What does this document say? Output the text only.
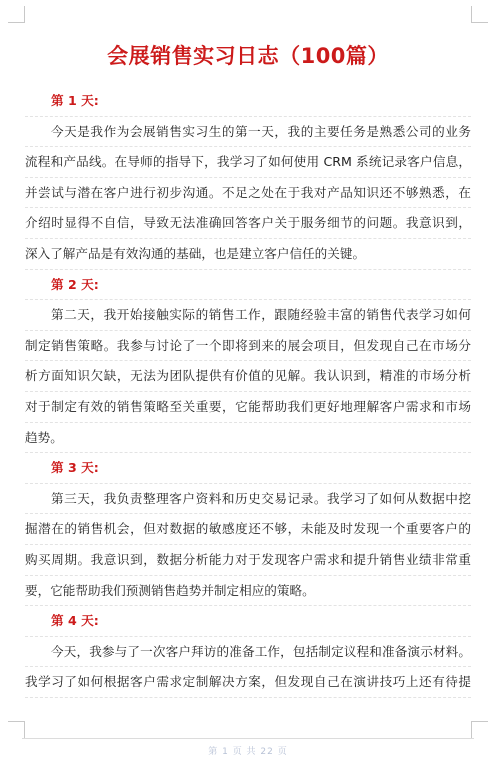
会展销售实习日志（100篇）
第 1 天:
今天是我作为会展销售实习生的第一天，我的主要任务是熟悉公司的业务
流程和产品线。在导师的指导下，我学习了如何使用 CRM 系统记录客户信息，
并尝试与潜在客户进行初步沟通。不足之处在于我对产品知识还不够熟悉，在
介绍时显得不自信，导致无法准确回答客户关于服务细节的问题。我意识到，
深入了解产品是有效沟通的基础，也是建立客户信任的关键。
第 2 天:
第二天，我开始接触实际的销售工作，跟随经验丰富的销售代表学习如何
制定销售策略。我参与讨论了一个即将到来的展会项目，但发现自己在市场分
析方面知识欠缺，无法为团队提供有价值的见解。我认识到，精准的市场分析
对于制定有效的销售策略至关重要，它能帮助我们更好地理解客户需求和市场
趋势。
第 3 天:
第三天，我负责整理客户资料和历史交易记录。我学习了如何从数据中挖
掘潜在的销售机会，但对数据的敏感度还不够，未能及时发现一个重要客户的
购买周期。我意识到，数据分析能力对于发现客户需求和提升销售业绩非常重
要，它能帮助我们预测销售趋势并制定相应的策略。
第 4 天:
今天，我参与了一次客户拜访的准备工作，包括制定议程和准备演示材料。
我学习了如何根据客户需求定制解决方案，但发现自己在演讲技巧上还有待提
第 1 页 共 22 页
